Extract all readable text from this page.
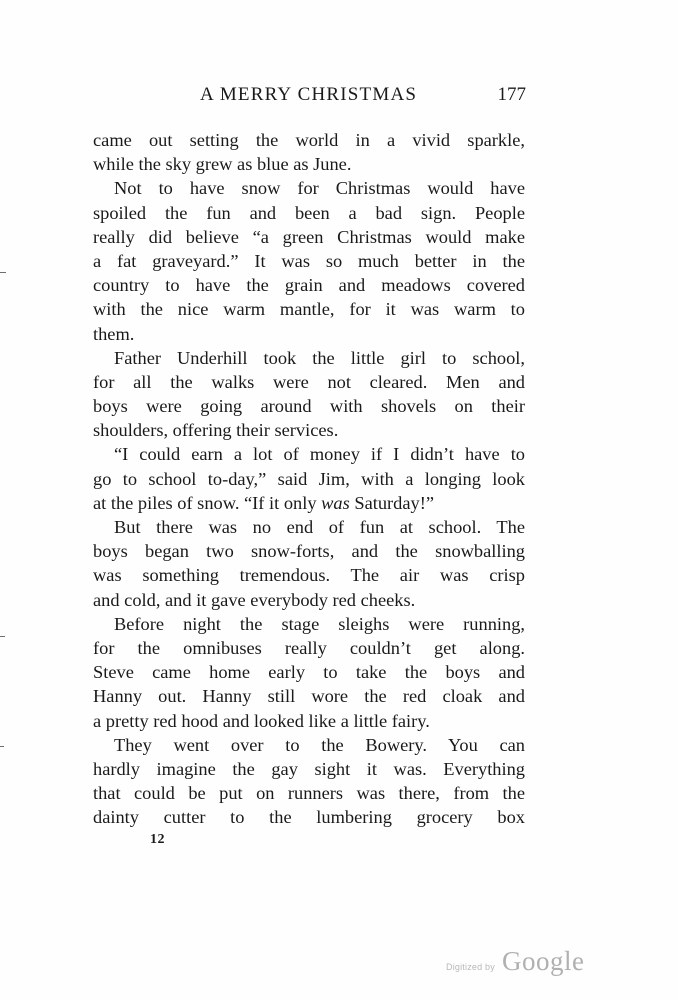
A MERRY CHRISTMAS	177
came out setting the world in a vivid sparkle,
while the sky grew as blue as June.
Not to have snow for Christmas would have
spoiled the fun and been a bad sign. People
really did believe “a green Christmas would make
a fat graveyard.” It was so much better in the
country to have the grain and meadows covered
with the nice warm mantle, for it was warm to
them.
Father Underhill took the little girl to school,
for all the walks were not cleared. Men and
boys were going around with shovels on their
shoulders, offering their services.
“I could earn a lot of money if I didn’t have to
go to school to-day,” said Jim, with a longing look
at the piles of snow. “If it only was Saturday!”
But there was no end of fun at school. The
boys began two snow-forts, and the snowballing
was something tremendous. The air was crisp
and cold, and it gave everybody red cheeks.
Before night the stage sleighs were running,
for the omnibuses really couldn’t get along.
Steve came home early to take the boys and
Hanny out. Hanny still wore the red cloak and
a pretty red hood and looked like a little fairy.
They went over to the Bowery. You can
hardly imagine the gay sight it was. Everything
that could be put on runners was there, from the
dainty cutter to the lumbering grocery box
12
Digitized by Google
